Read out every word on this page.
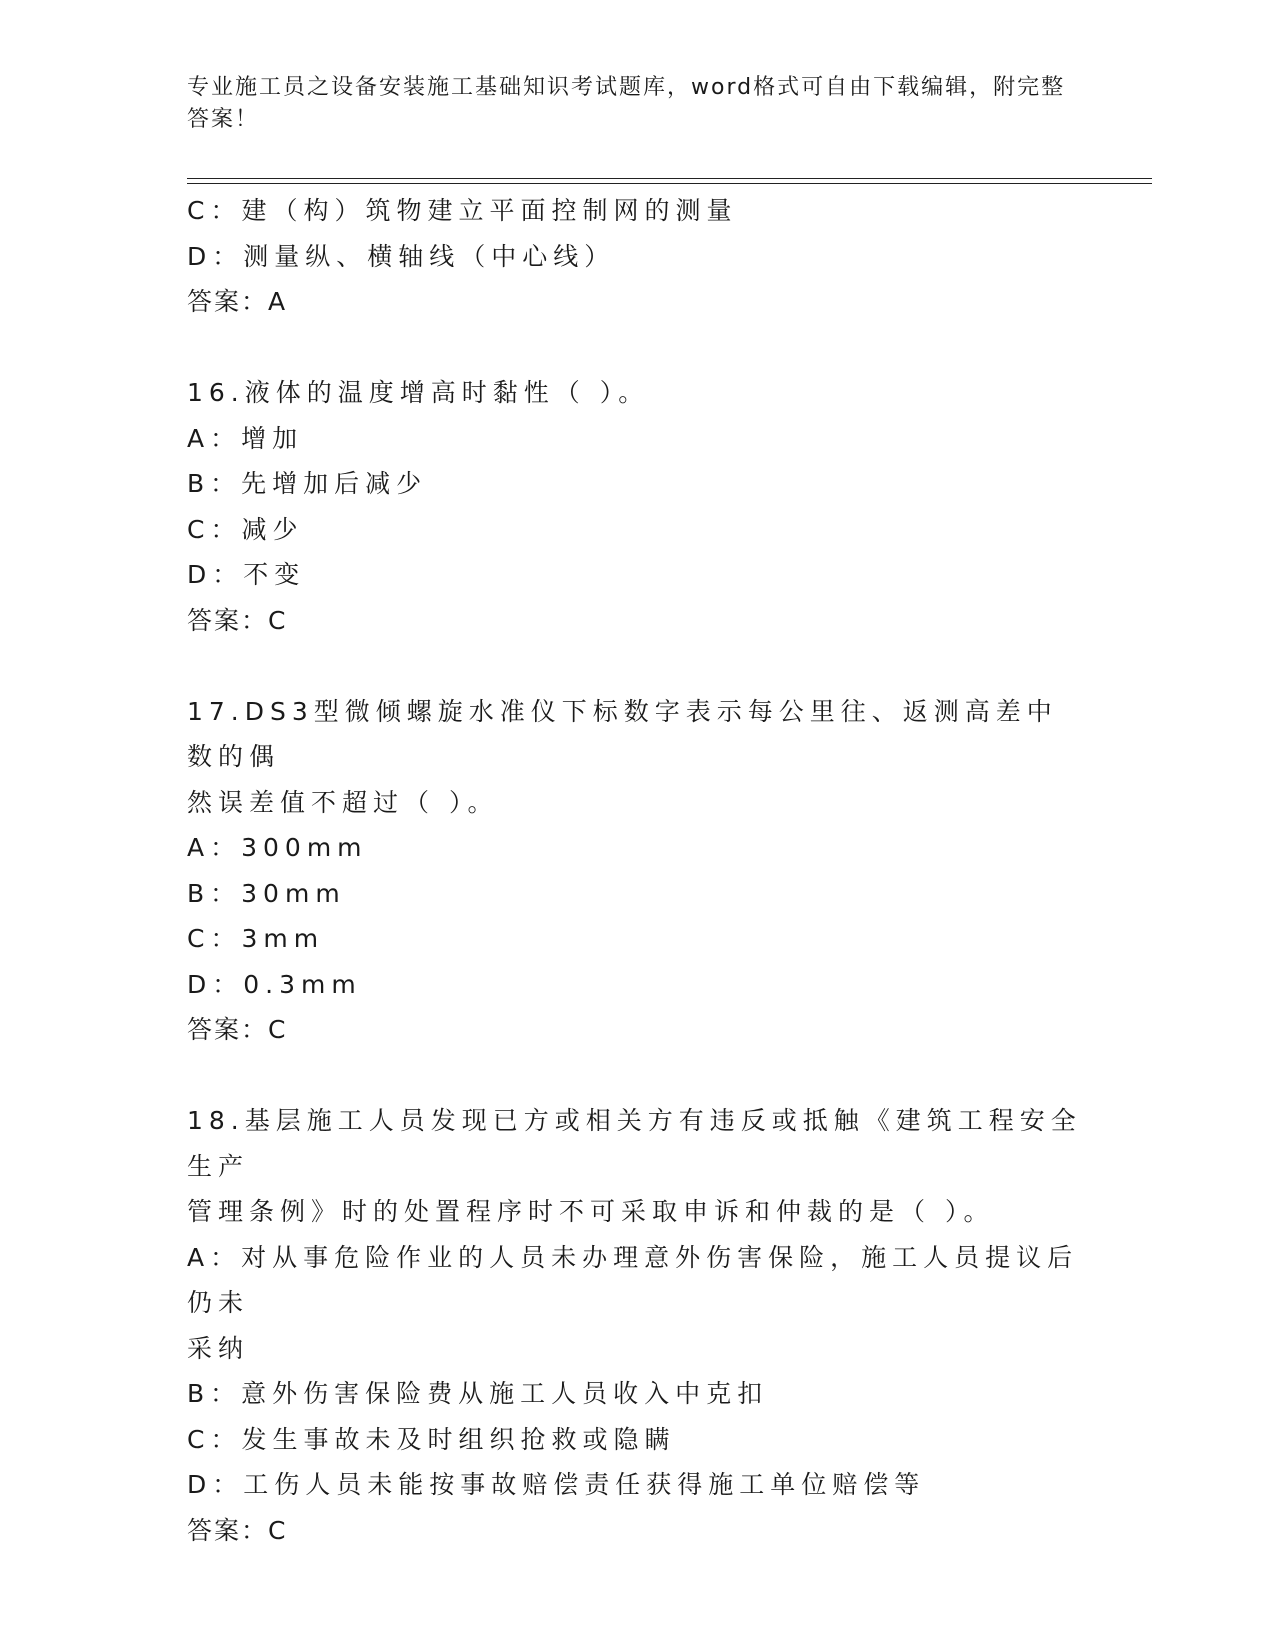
专业施工员之设备安装施工基础知识考试题库，word格式可自由下载编辑，附完整答案！
C：建（构）筑物建立平面控制网的测量
D：测量纵、横轴线（中心线）
答案：A
16.液体的温度增高时黏性（ ）。
A：增加
B：先增加后减少
C：减少
D：不变
答案：C
17.DS3型微倾螺旋水准仪下标数字表示每公里往、返测高差中数的偶
然误差值不超过（ ）。
A：300mm
B：30mm
C：3mm
D：0.3mm
答案：C
18.基层施工人员发现已方或相关方有违反或抵触《建筑工程安全生产
管理条例》时的处置程序时不可采取申诉和仲裁的是（ ）。
A：对从事危险作业的人员未办理意外伤害保险，施工人员提议后仍未
采纳
B：意外伤害保险费从施工人员收入中克扣
C：发生事故未及时组织抢救或隐瞒
D：工伤人员未能按事故赔偿责任获得施工单位赔偿等
答案：C
